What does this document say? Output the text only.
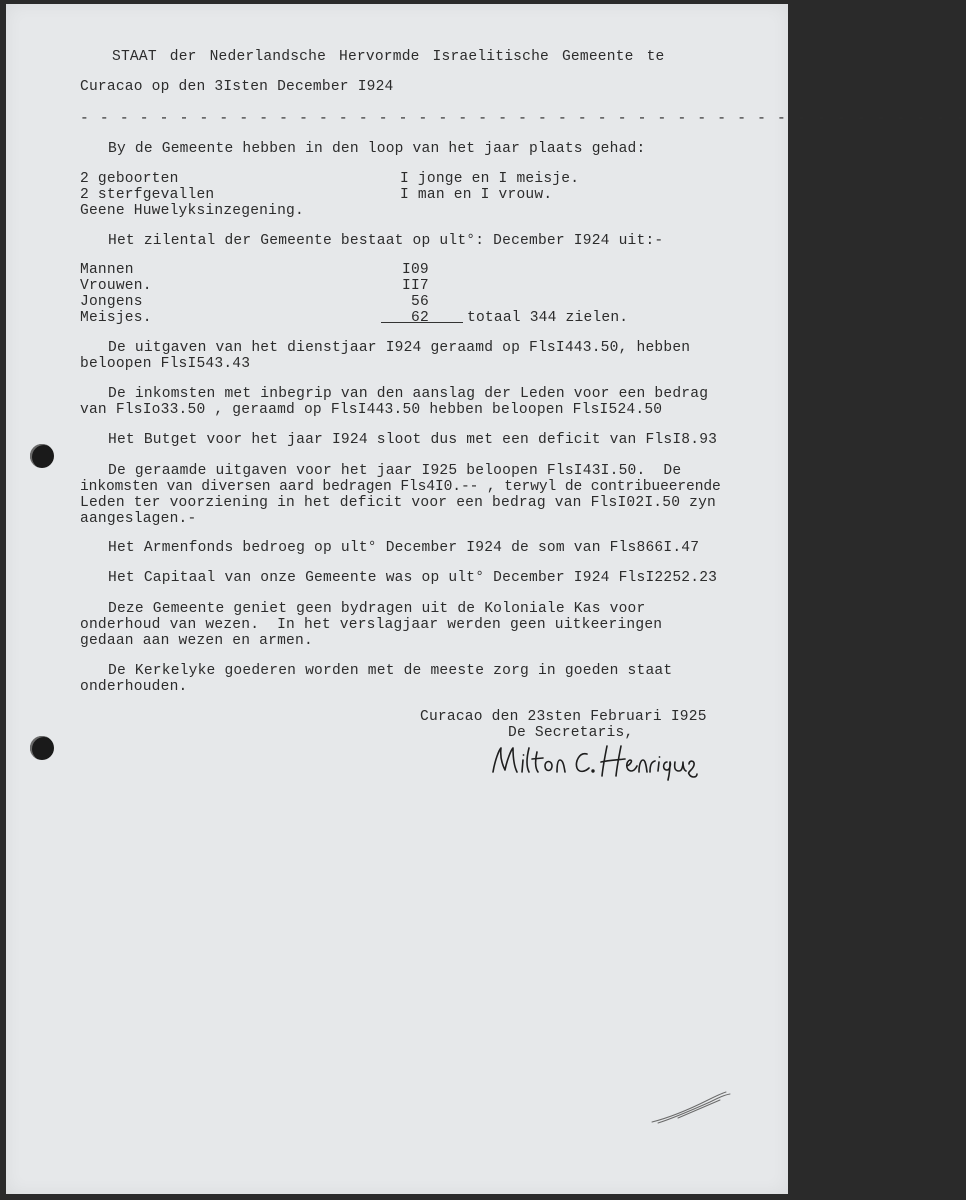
STAAT der Nederlandsche Hervormde Israelitische Gemeente te
Curacao op den 3Isten December I924
- - - - - - - - - - - - - - - - - - - - - - - - - - - - - - - - - - - - - - - - - - - - -
By de Gemeente hebben in den loop van het jaar plaats gehad:
2 geboorten	I jonge en I meisje.
2 sterfgevallen	I man en I vrouw.
Geene Huwelyksinzegening.
Het zilental der Gemeente bestaat op ult°: December I924 uit:-
Mannen	I09
Vrouwen.	II7
Jongens	56
Meisjes.	62	totaal 344 zielen.
De uitgaven van het dienstjaar I924 geraamd op FlsI443.50, hebben
beloopen FlsI543.43
De inkomsten met inbegrip van den aanslag der Leden voor een bedrag
van FlsIo33.50 , geraamd op FlsI443.50 hebben beloopen FlsI524.50
Het Butget voor het jaar I924 sloot dus met een deficit van FlsI8.93
De geraamde uitgaven voor het jaar I925 beloopen FlsI43I.50.  De
inkomsten van diversen aard bedragen Fls4I0.-- , terwyl de contribueerende
Leden ter voorziening in het deficit voor een bedrag van FlsI02I.50 zyn
aangeslagen.-
Het Armenfonds bedroeg op ult° December I924 de som van Fls866I.47
Het Capitaal van onze Gemeente was op ult° December I924 FlsI2252.23
Deze Gemeente geniet geen bydragen uit de Koloniale Kas voor
onderhoud van wezen.  In het verslagjaar werden geen uitkeeringen
gedaan aan wezen en armen.
De Kerkelyke goederen worden met de meeste zorg in goeden staat
onderhouden.
Curacao den 23sten Februari I925
De Secretaris,
